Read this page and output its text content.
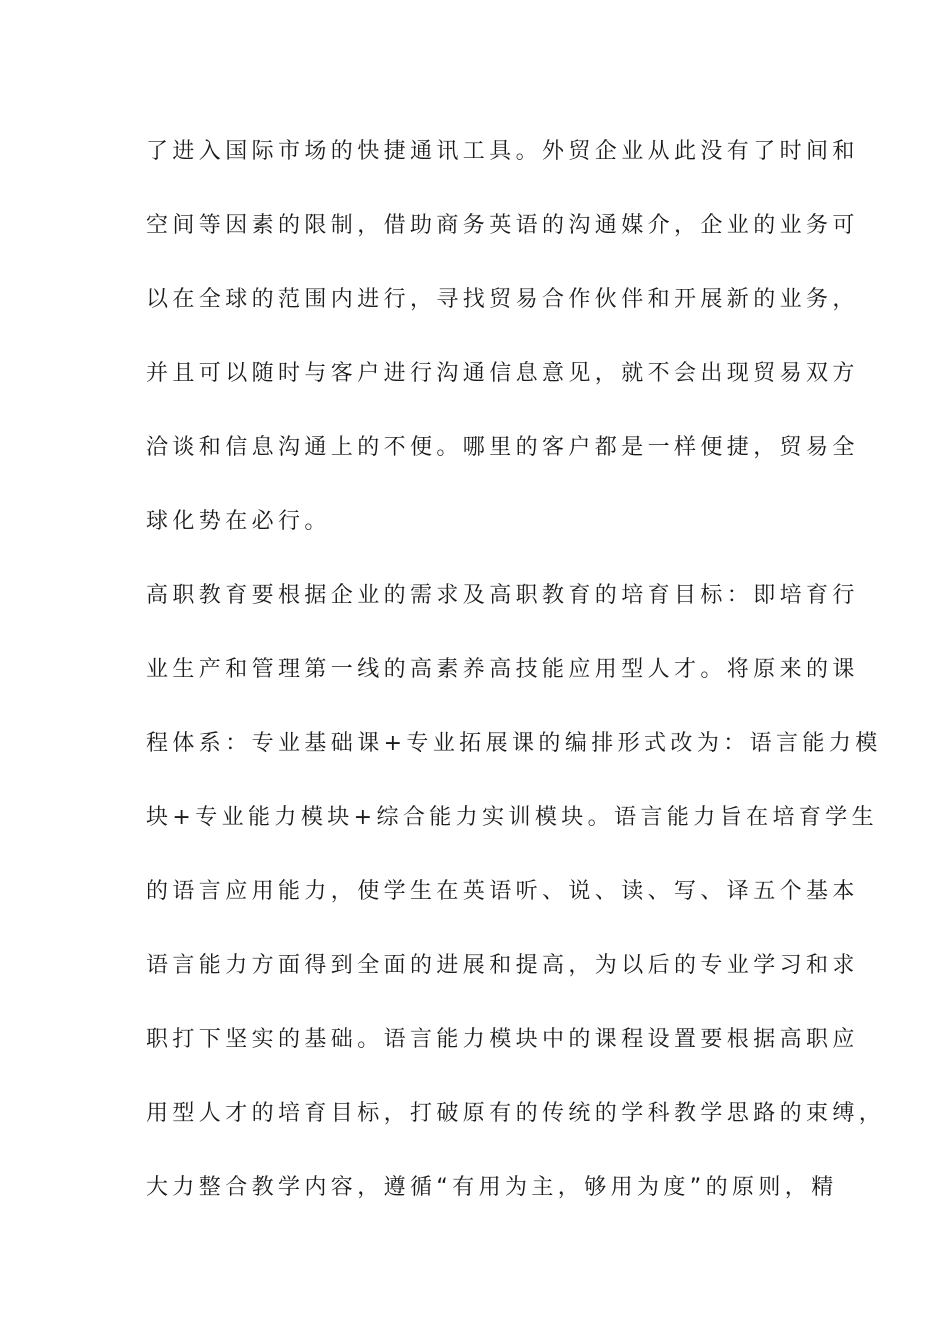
了进入国际市场的快捷通讯工具。外贸企业从此没有了时间和
空间等因素的限制，借助商务英语的沟通媒介，企业的业务可
以在全球的范围内进行，寻找贸易合作伙伴和开展新的业务，
并且可以随时与客户进行沟通信息意见，就不会出现贸易双方
洽谈和信息沟通上的不便。哪里的客户都是一样便捷，贸易全
球化势在必行。
高职教育要根据企业的需求及高职教育的培育目标：即培育行
业生产和管理第一线的高素养高技能应用型人才。将原来的课
程体系：专业基础课+专业拓展课的编排形式改为：语言能力模
块+专业能力模块+综合能力实训模块。语言能力旨在培育学生
的语言应用能力，使学生在英语听、说、读、写、译五个基本
语言能力方面得到全面的进展和提高，为以后的专业学习和求
职打下坚实的基础。语言能力模块中的课程设置要根据高职应
用型人才的培育目标，打破原有的传统的学科教学思路的束缚，
大力整合教学内容，遵循“有用为主，够用为度”的原则，精
